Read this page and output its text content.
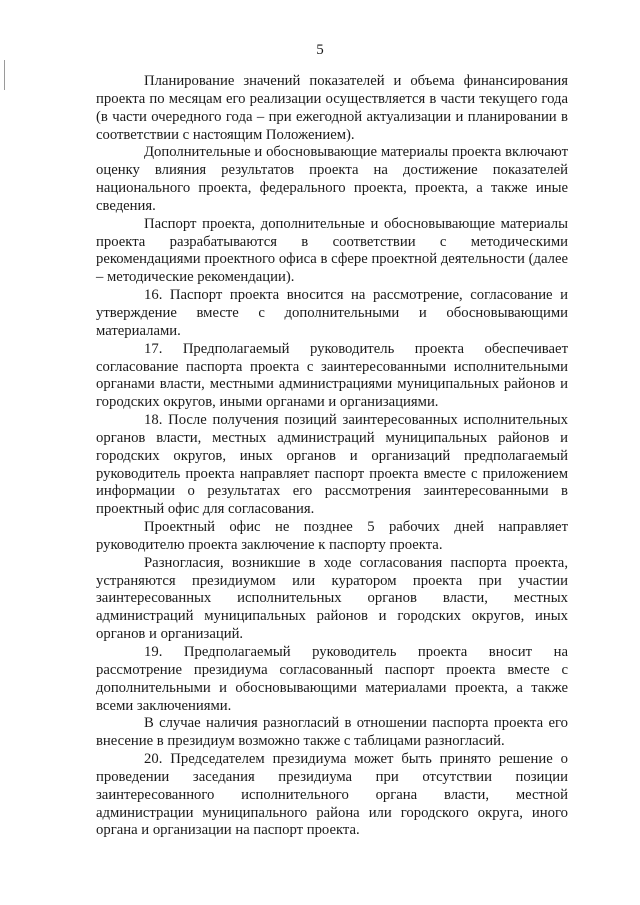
5

Планирование значений показателей и объема финансирования проекта по месяцам его реализации осуществляется в части текущего года (в части очередного года – при ежегодной актуализации и планировании в соответствии с настоящим Положением).

Дополнительные и обосновывающие материалы проекта включают оценку влияния результатов проекта на достижение показателей национального проекта, федерального проекта, проекта, а также иные сведения.

Паспорт проекта, дополнительные и обосновывающие материалы проекта разрабатываются в соответствии с методическими рекомендациями проектного офиса в сфере проектной деятельности (далее – методические рекомендации).

16. Паспорт проекта вносится на рассмотрение, согласование и утверждение вместе с дополнительными и обосновывающими материалами.

17. Предполагаемый руководитель проекта обеспечивает согласование паспорта проекта с заинтересованными исполнительными органами власти, местными администрациями муниципальных районов и городских округов, иными органами и организациями.

18. После получения позиций заинтересованных исполнительных органов власти, местных администраций муниципальных районов и городских округов, иных органов и организаций предполагаемый руководитель проекта направляет паспорт проекта вместе с приложением информации о результатах его рассмотрения заинтересованными в проектный офис для согласования.

Проектный офис не позднее 5 рабочих дней направляет руководителю проекта заключение к паспорту проекта.

Разногласия, возникшие в ходе согласования паспорта проекта, устраняются президиумом или куратором проекта при участии заинтересованных исполнительных органов власти, местных администраций муниципальных районов и городских округов, иных органов и организаций.

19. Предполагаемый руководитель проекта вносит на рассмотрение президиума согласованный паспорт проекта вместе с дополнительными и обосновывающими материалами проекта, а также всеми заключениями.

В случае наличия разногласий в отношении паспорта проекта его внесение в президиум возможно также с таблицами разногласий.

20. Председателем президиума может быть принято решение о проведении заседания президиума при отсутствии позиции заинтересованного исполнительного органа власти, местной администрации муниципального района или городского округа, иного органа и организации на паспорт проекта.
